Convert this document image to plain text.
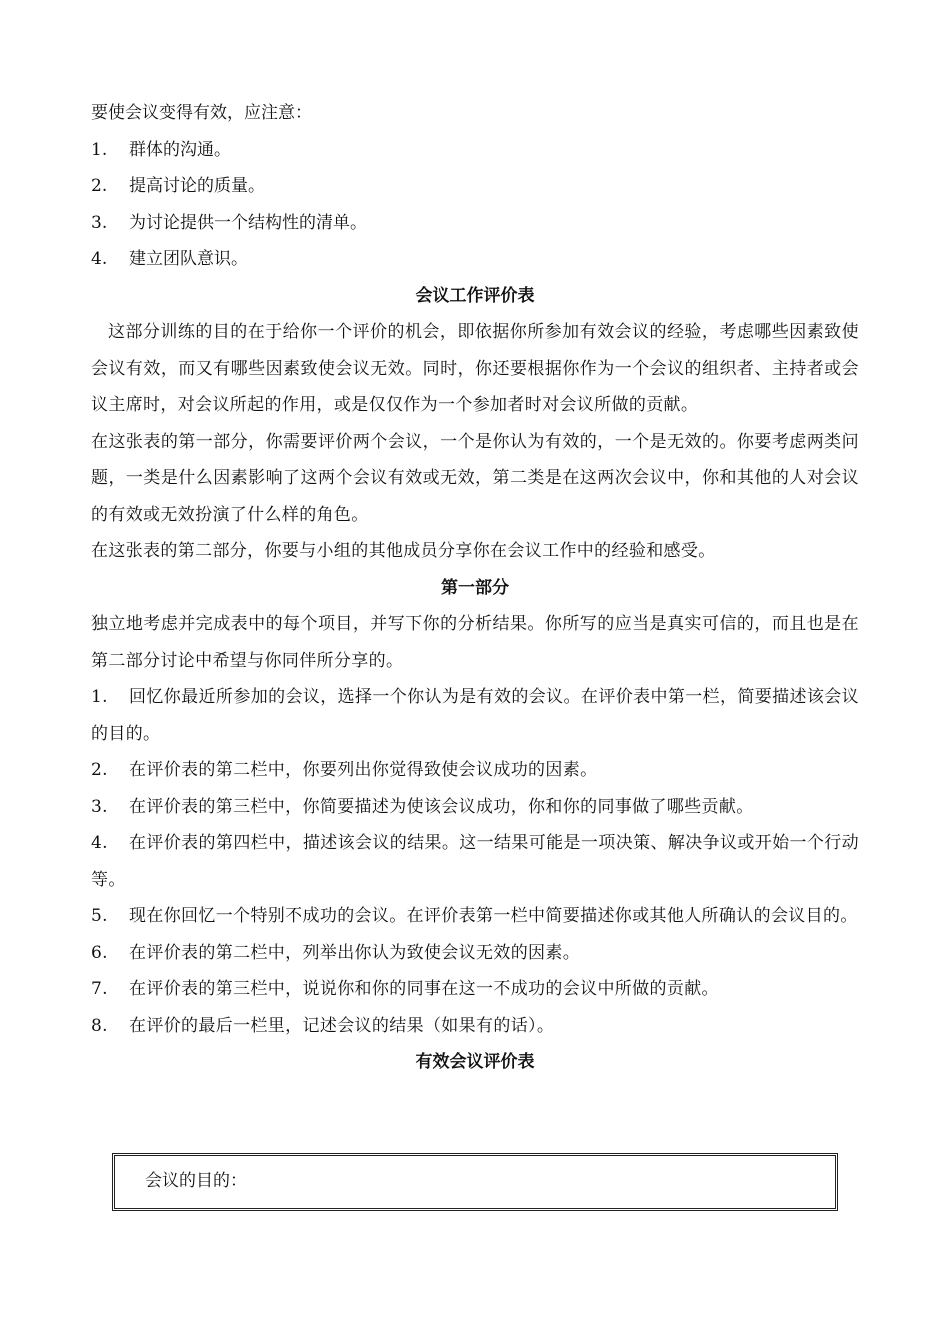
要使会议变得有效，应注意：

1. 群体的沟通。

2. 提高讨论的质量。

3. 为讨论提供一个结构性的清单。

4. 建立团队意识。

会议工作评价表

这部分训练的目的在于给你一个评价的机会，即依据你所参加有效会议的经验，考虑哪些因素致使会议有效，而又有哪些因素致使会议无效。同时，你还要根据你作为一个会议的组织者、主持者或会议主席时，对会议所起的作用，或是仅仅作为一个参加者时对会议所做的贡献。

在这张表的第一部分，你需要评价两个会议，一个是你认为有效的，一个是无效的。你要考虑两类问题，一类是什么因素影响了这两个会议有效或无效，第二类是在这两次会议中，你和其他的人对会议的有效或无效扮演了什么样的角色。

在这张表的第二部分，你要与小组的其他成员分享你在会议工作中的经验和感受。

第一部分

独立地考虑并完成表中的每个项目，并写下你的分析结果。你所写的应当是真实可信的，而且也是在第二部分讨论中希望与你同伴所分享的。

1. 回忆你最近所参加的会议，选择一个你认为是有效的会议。在评价表中第一栏，简要描述该会议的目的。

2. 在评价表的第二栏中，你要列出你觉得致使会议成功的因素。

3. 在评价表的第三栏中，你简要描述为使该会议成功，你和你的同事做了哪些贡献。

4. 在评价表的第四栏中，描述该会议的结果。这一结果可能是一项决策、解决争议或开始一个行动等。

5. 现在你回忆一个特别不成功的会议。在评价表第一栏中简要描述你或其他人所确认的会议目的。

6. 在评价表的第二栏中，列举出你认为致使会议无效的因素。

7. 在评价表的第三栏中，说说你和你的同事在这一不成功的会议中所做的贡献。

8. 在评价的最后一栏里，记述会议的结果（如果有的话）。

有效会议评价表

会议的目的：
